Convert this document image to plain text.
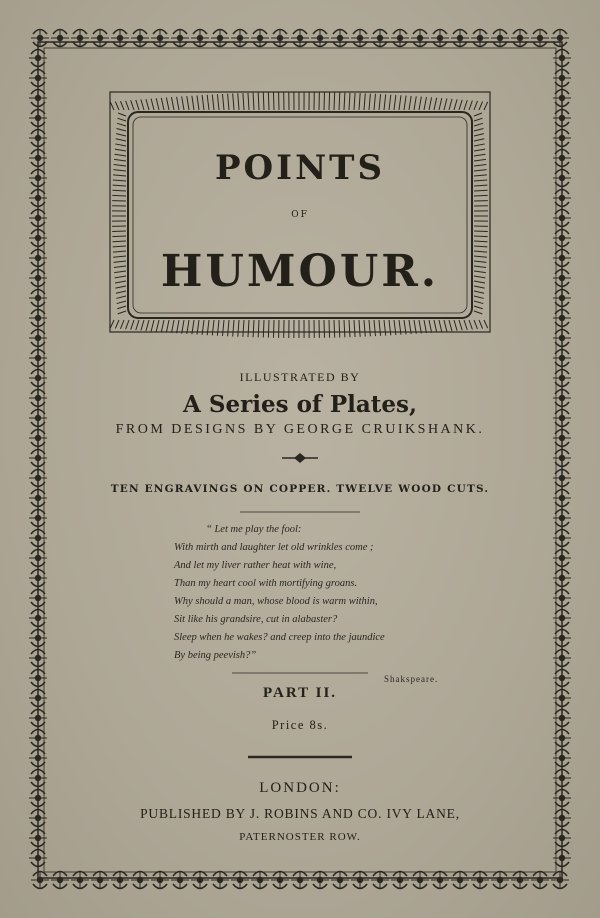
POINTS
OF
HUMOUR.
ILLUSTRATED BY
A Series of Plates,
FROM DESIGNS BY GEORGE CRUIKSHANK.
TEN ENGRAVINGS ON COPPER. TWELVE WOOD CUTS.
“ Let me play the fool:
With mirth and laughter let old wrinkles come ;
And let my liver rather heat with wine,
Than my heart cool with mortifying groans.
Why should a man, whose blood is warm within,
Sit like his grandsire, cut in alabaster?
Sleep when he wakes? and creep into the jaundice
By being peevish?”
Shakspeare.
PART II.
Price 8s.
LONDON:
PUBLISHED BY J. ROBINS AND CO. IVY LANE,
PATERNOSTER ROW.
